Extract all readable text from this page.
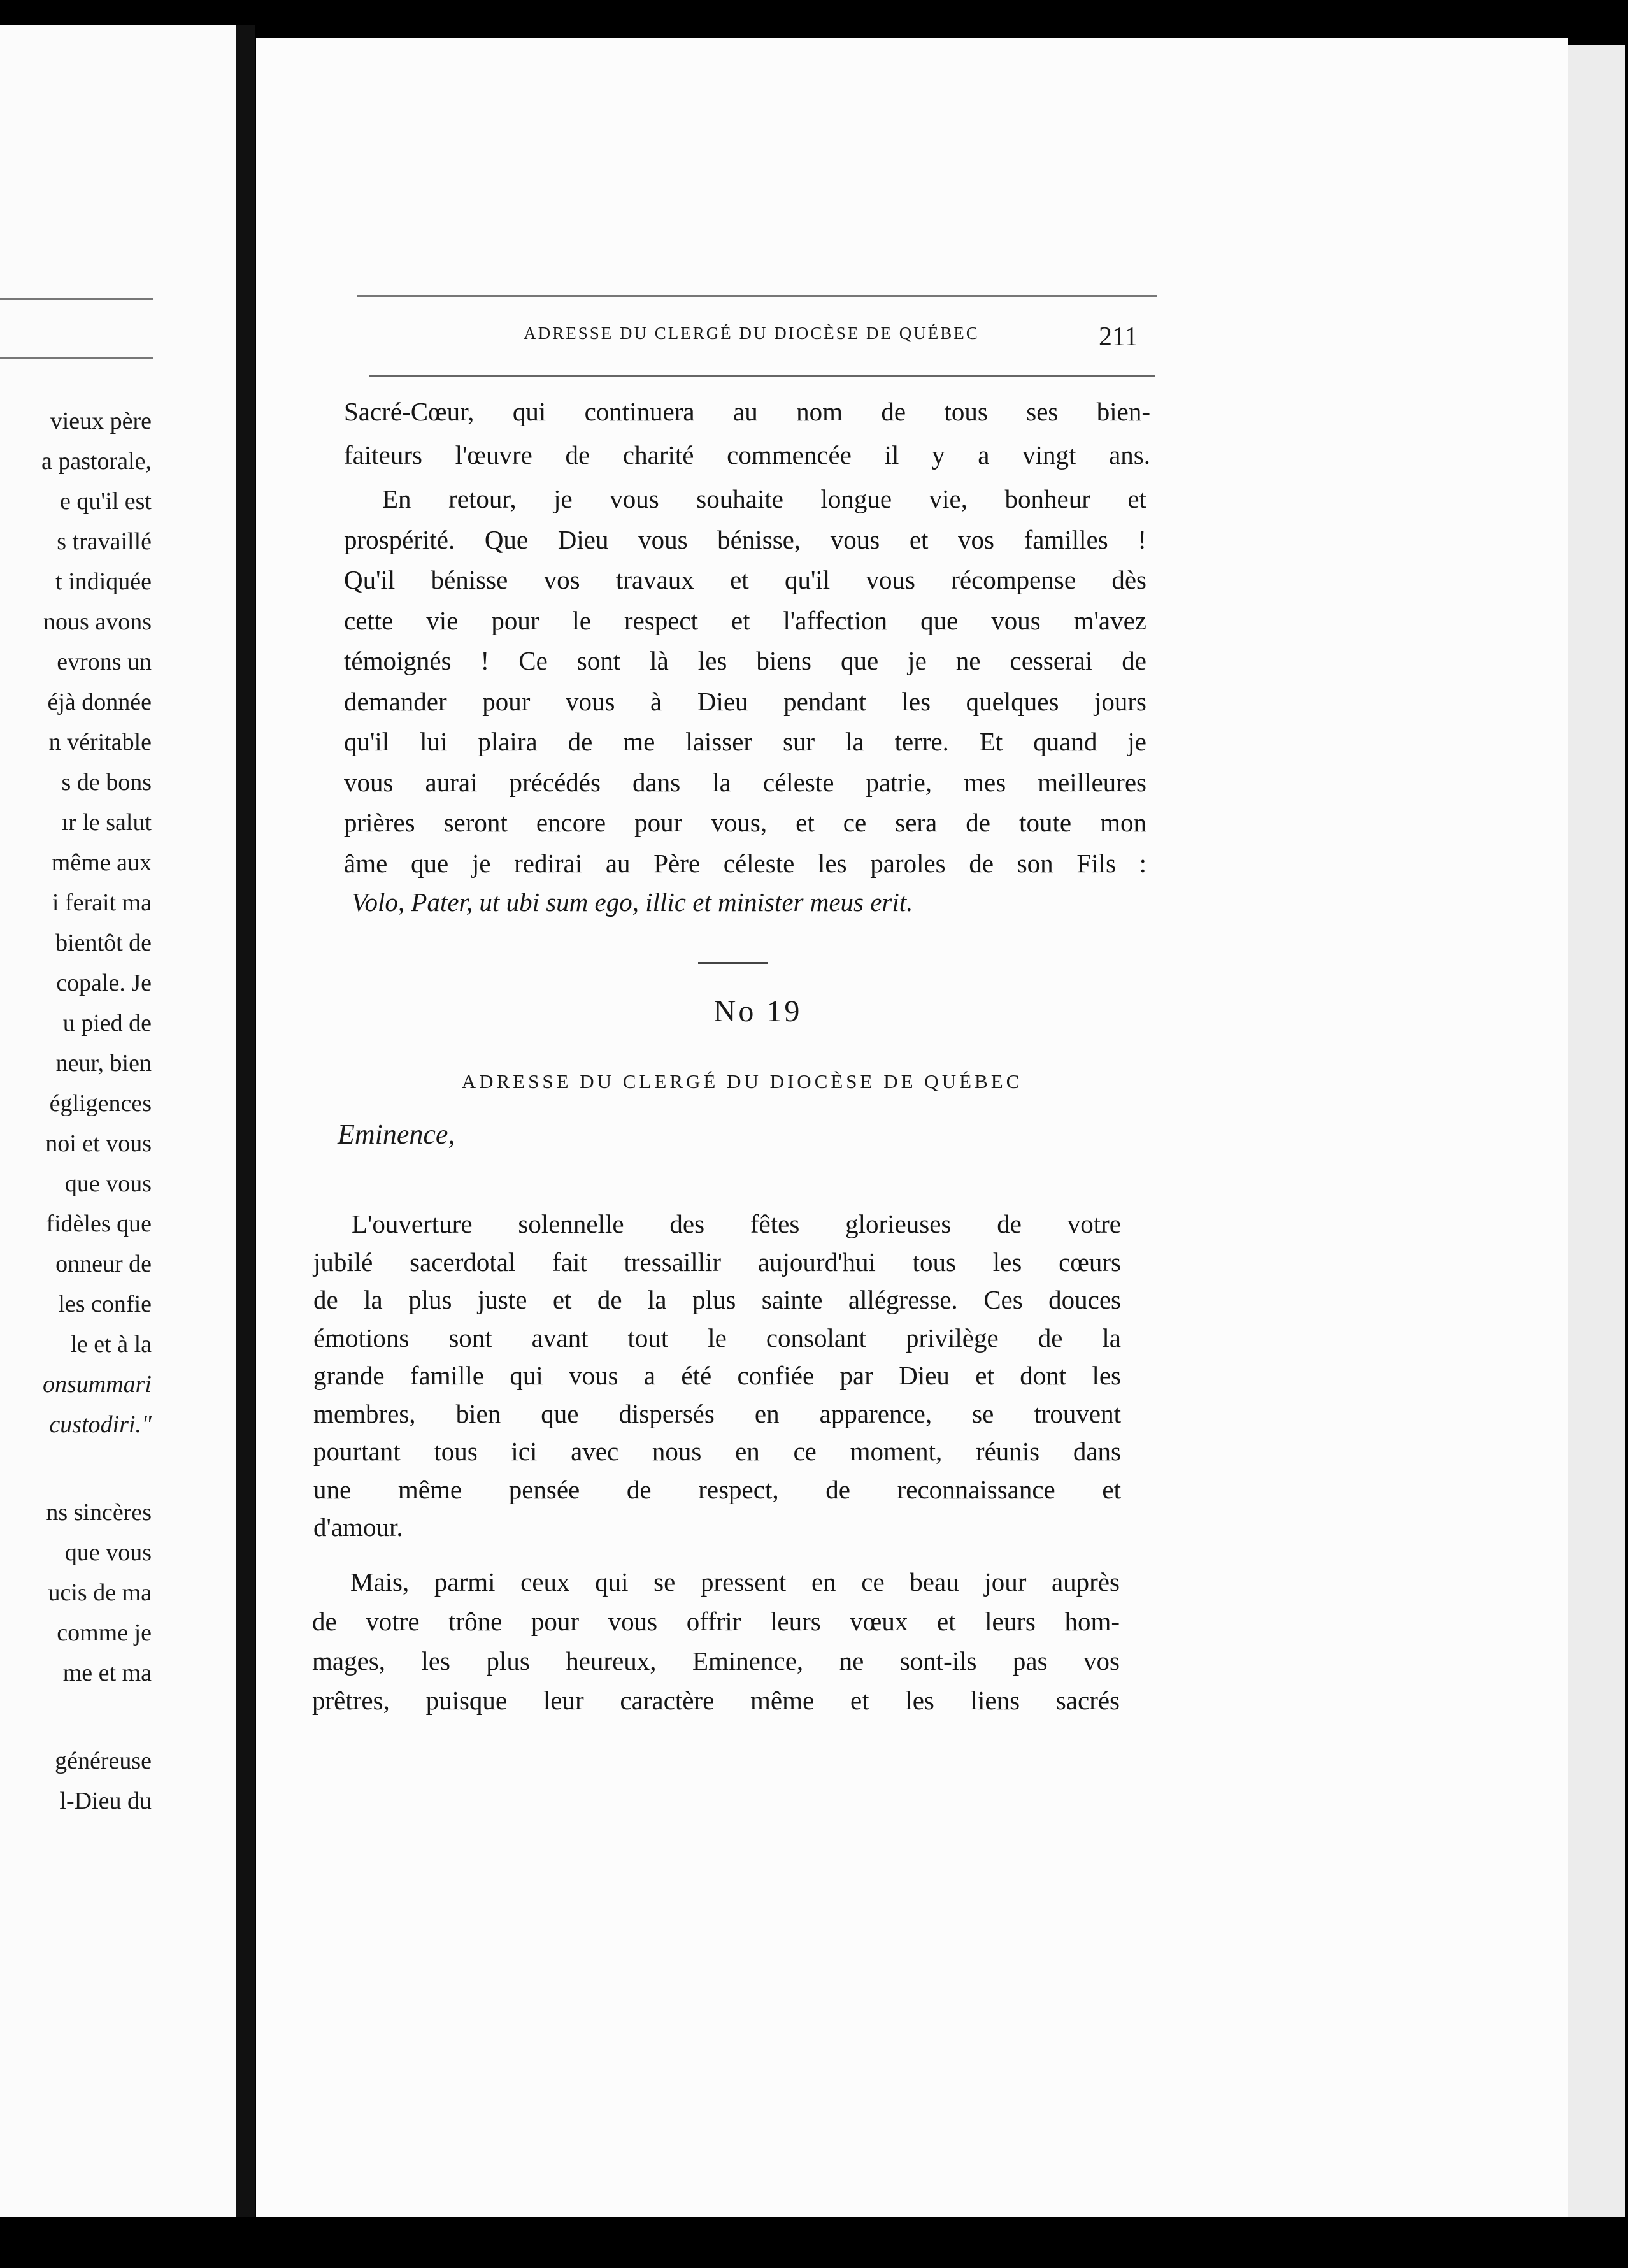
vieux père
a pastorale,
e qu'il est
s travaillé
t indiquée
nous avons
evrons un
éjà donnée
n véritable
s de bons
ır le salut
même aux
i ferait ma
bientôt de
copale. Je
u pied de
neur, bien
égligences
noi et vous
que vous
fidèles que
onneur de
les confie
le et à la
onsummari
custodiri."
ns sincères
que vous
ucis de ma
comme je
me et ma
généreuse
l-Dieu du
ADRESSE DU CLERGÉ DU DIOCÈSE DE QUÉBEC	211
Sacré-Cœur, qui continuera au nom de tous ses bien-
faiteurs l'œuvre de charité commencée il y a vingt ans.
En retour, je vous souhaite longue vie, bonheur et
prospérité. Que Dieu vous bénisse, vous et vos familles !
Qu'il bénisse vos travaux et qu'il vous récompense dès
cette vie pour le respect et l'affection que vous m'avez
témoignés ! Ce sont là les biens que je ne cesserai de
demander pour vous à Dieu pendant les quelques jours
qu'il lui plaira de me laisser sur la terre. Et quand je
vous aurai précédés dans la céleste patrie, mes meilleures
prières seront encore pour vous, et ce sera de toute mon
âme que je redirai au Père céleste les paroles de son Fils :
Volo, Pater, ut ubi sum ego, illic et minister meus erit.
No 19
ADRESSE DU CLERGÉ DU DIOCÈSE DE QUÉBEC
Eminence,
L'ouverture solennelle des fêtes glorieuses de votre
jubilé sacerdotal fait tressaillir aujourd'hui tous les cœurs
de la plus juste et de la plus sainte allégresse. Ces douces
émotions sont avant tout le consolant privilège de la
grande famille qui vous a été confiée par Dieu et dont les
membres, bien que dispersés en apparence, se trouvent
pourtant tous ici avec nous en ce moment, réunis dans
une même pensée de respect, de reconnaissance et
d'amour.
Mais, parmi ceux qui se pressent en ce beau jour auprès
de votre trône pour vous offrir leurs vœux et leurs hom-
mages, les plus heureux, Eminence, ne sont-ils pas vos
prêtres, puisque leur caractère même et les liens sacrés
